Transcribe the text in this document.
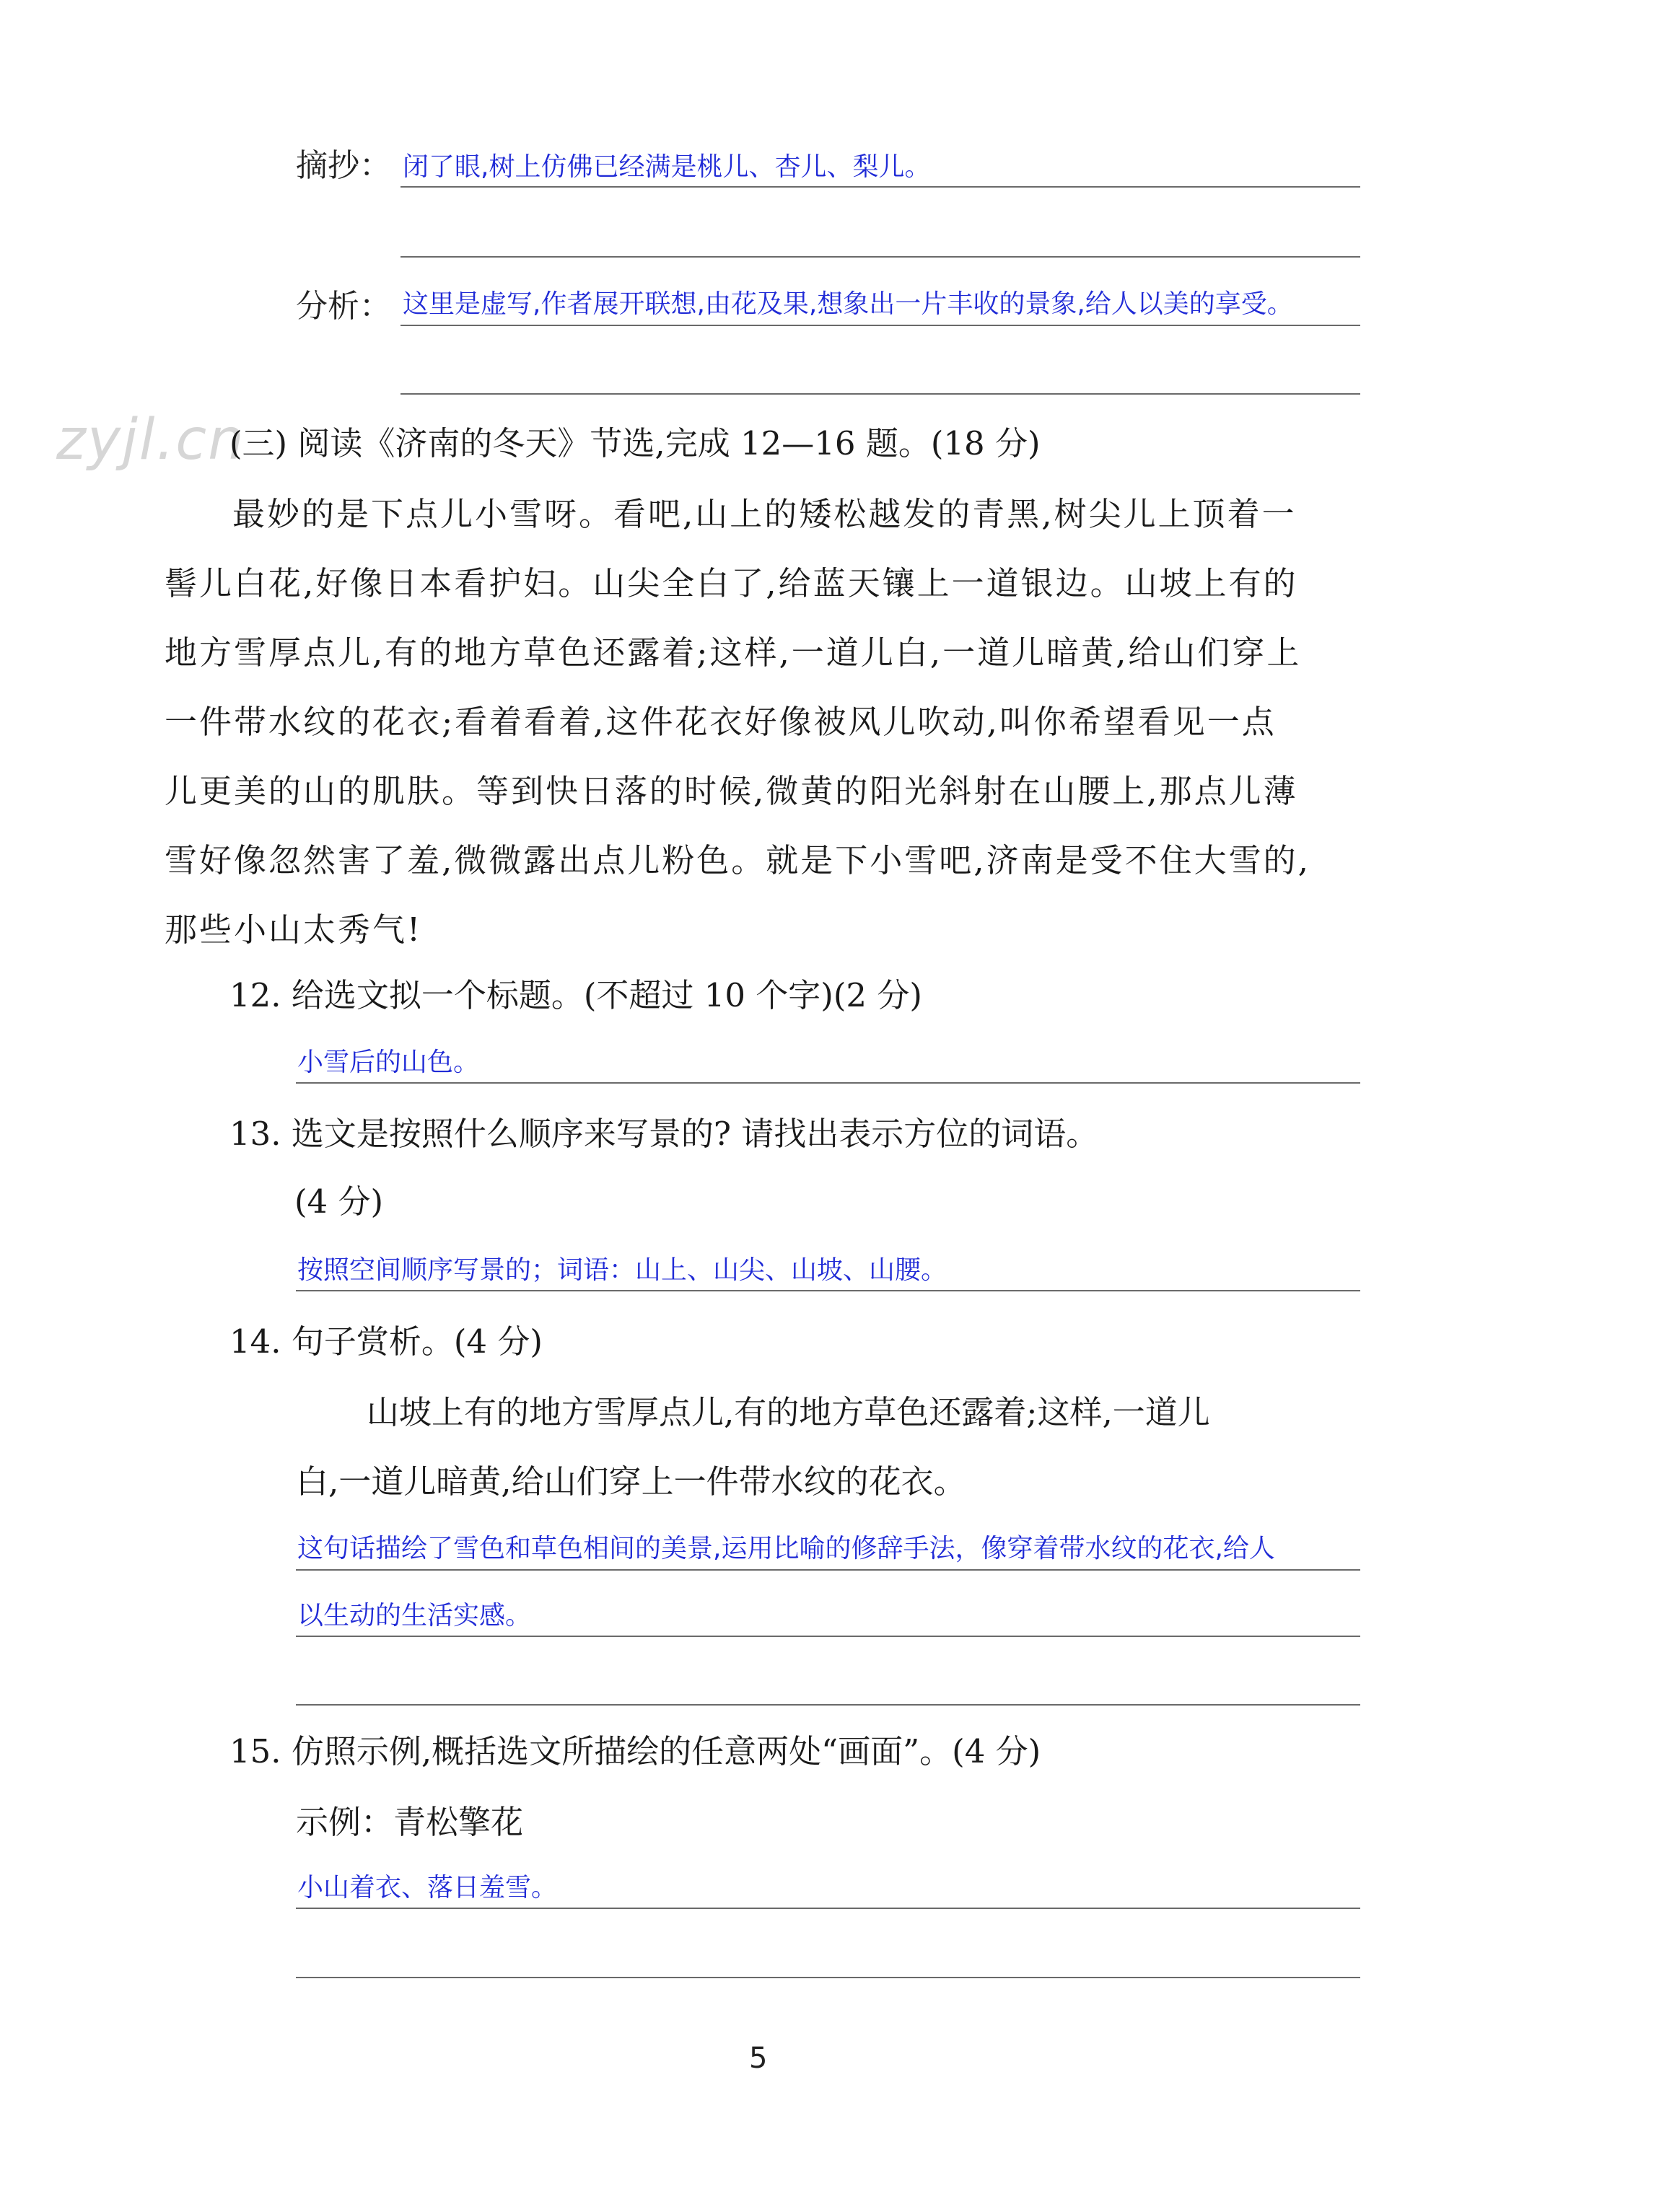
摘抄： 闭了眼,树上仿佛已经满是桃儿、杏儿、梨儿。
分析： 这里是虚写,作者展开联想,由花及果,想象出一片丰收的景象,给人以美的享受。
zyjl.cn
(三) 阅读《济南的冬天》节选,完成 12—16 题。(18 分)
最妙的是下点儿小雪呀。看吧,山上的矮松越发的青黑,树尖儿上顶着一
髻儿白花,好像日本看护妇。山尖全白了,给蓝天镶上一道银边。山坡上有的
地方雪厚点儿,有的地方草色还露着;这样,一道儿白,一道儿暗黄,给山们穿上
一件带水纹的花衣;看着看着,这件花衣好像被风儿吹动,叫你希望看见一点
儿更美的山的肌肤。等到快日落的时候,微黄的阳光斜射在山腰上,那点儿薄
雪好像忽然害了羞,微微露出点儿粉色。就是下小雪吧,济南是受不住大雪的,
那些小山太秀气!
12. 给选文拟一个标题。(不超过 10 个字)(2 分)
小雪后的山色。
13. 选文是按照什么顺序来写景的? 请找出表示方位的词语。
(4 分)
按照空间顺序写景的；词语：山上、山尖、山坡、山腰。
14. 句子赏析。(4 分)
山坡上有的地方雪厚点儿,有的地方草色还露着;这样,一道儿
白,一道儿暗黄,给山们穿上一件带水纹的花衣。
这句话描绘了雪色和草色相间的美景,运用比喻的修辞手法，像穿着带水纹的花衣,给人
以生动的生活实感。
15. 仿照示例,概括选文所描绘的任意两处“画面”。(4 分)
示例：青松擎花
小山着衣、落日羞雪。
5
